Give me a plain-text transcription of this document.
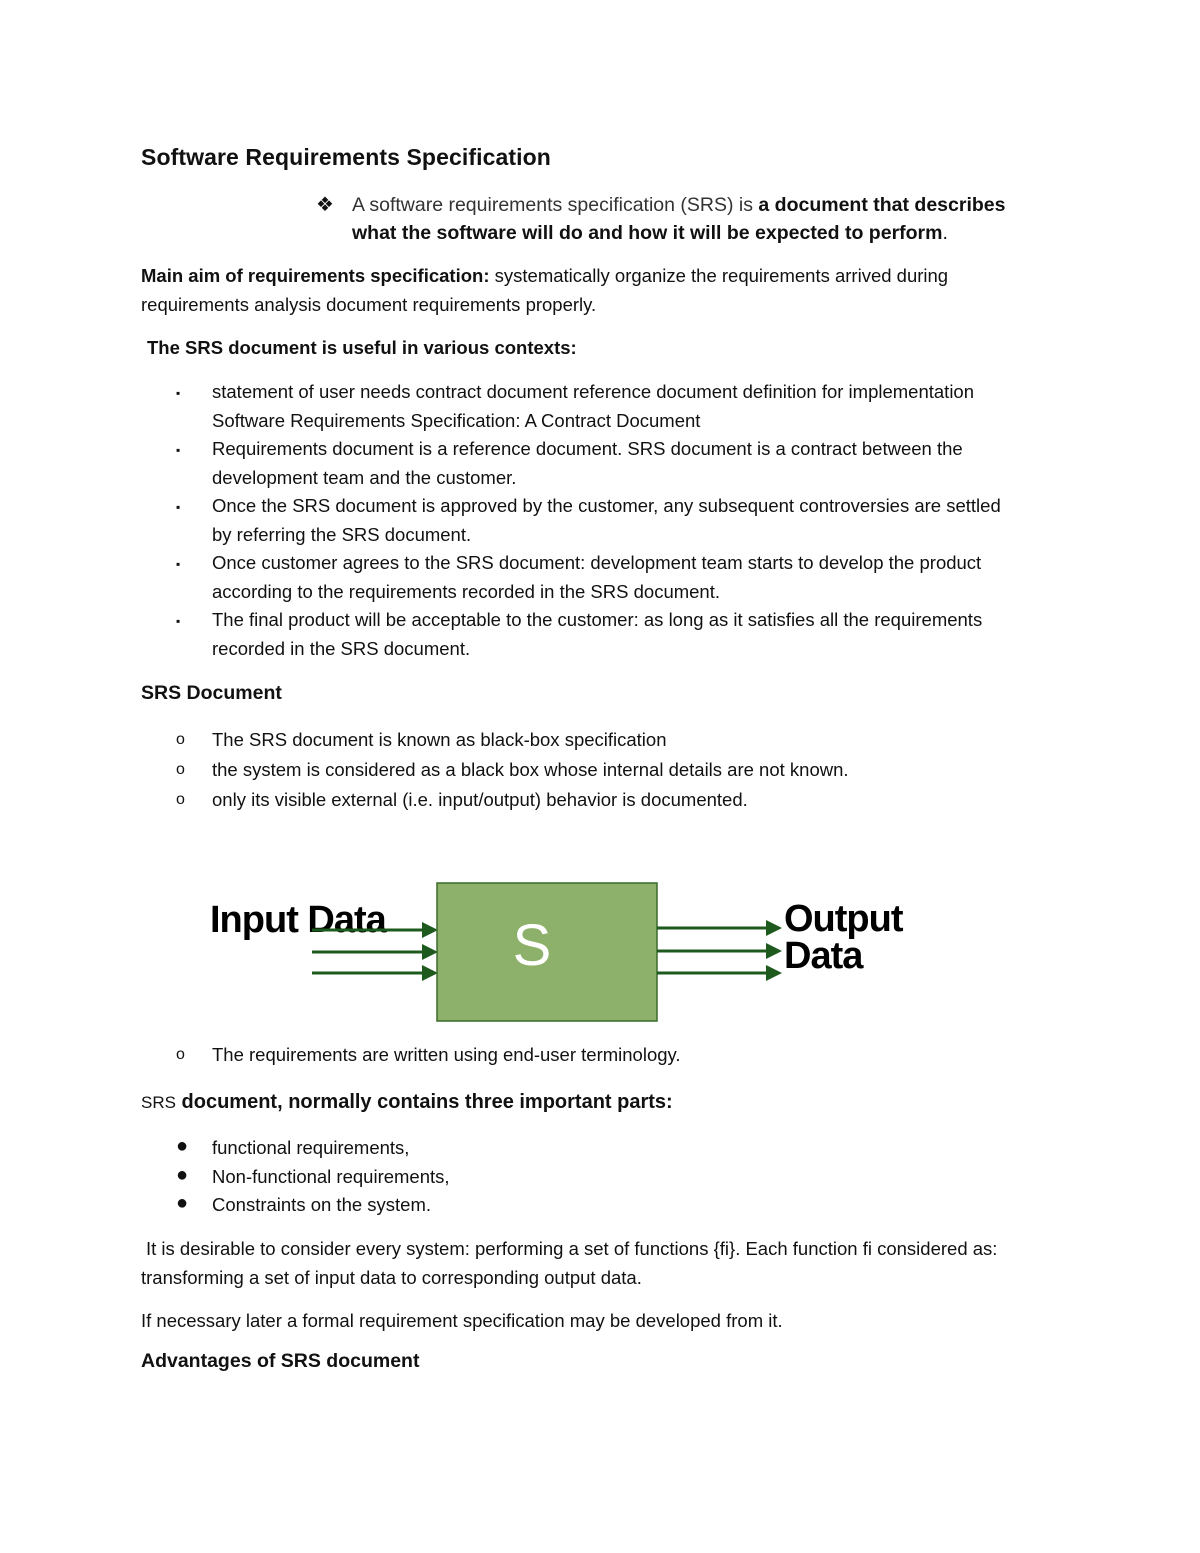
Software Requirements Specification
❖ A software requirements specification (SRS) is a document that describes
what the software will do and how it will be expected to perform.
Main aim of requirements specification: systematically organize the requirements arrived during
requirements analysis document requirements properly.
The SRS document is useful in various contexts:
▪ statement of user needs contract document reference document definition for implementation
Software Requirements Specification: A Contract Document
▪ Requirements document is a reference document. SRS document is a contract between the
development team and the customer.
▪ Once the SRS document is approved by the customer, any subsequent controversies are settled
by referring the SRS document.
▪ Once customer agrees to the SRS document: development team starts to develop the product
according to the requirements recorded in the SRS document.
▪ The final product will be acceptable to the customer: as long as it satisfies all the requirements
recorded in the SRS document.
SRS Document
o The SRS document is known as black-box specification
o the system is considered as a black box whose internal details are not known.
o only its visible external (i.e. input/output) behavior is documented.
Input Data S	Output
Data
o The requirements are written using end-user terminology.
SRS document, normally contains three important parts:
● functional requirements,
● Non-functional requirements,
● Constraints on the system.
It is desirable to consider every system: performing a set of functions {fi}. Each function fi considered as:
transforming a set of input data to corresponding output data.
If necessary later a formal requirement specification may be developed from it.
Advantages of SRS document
